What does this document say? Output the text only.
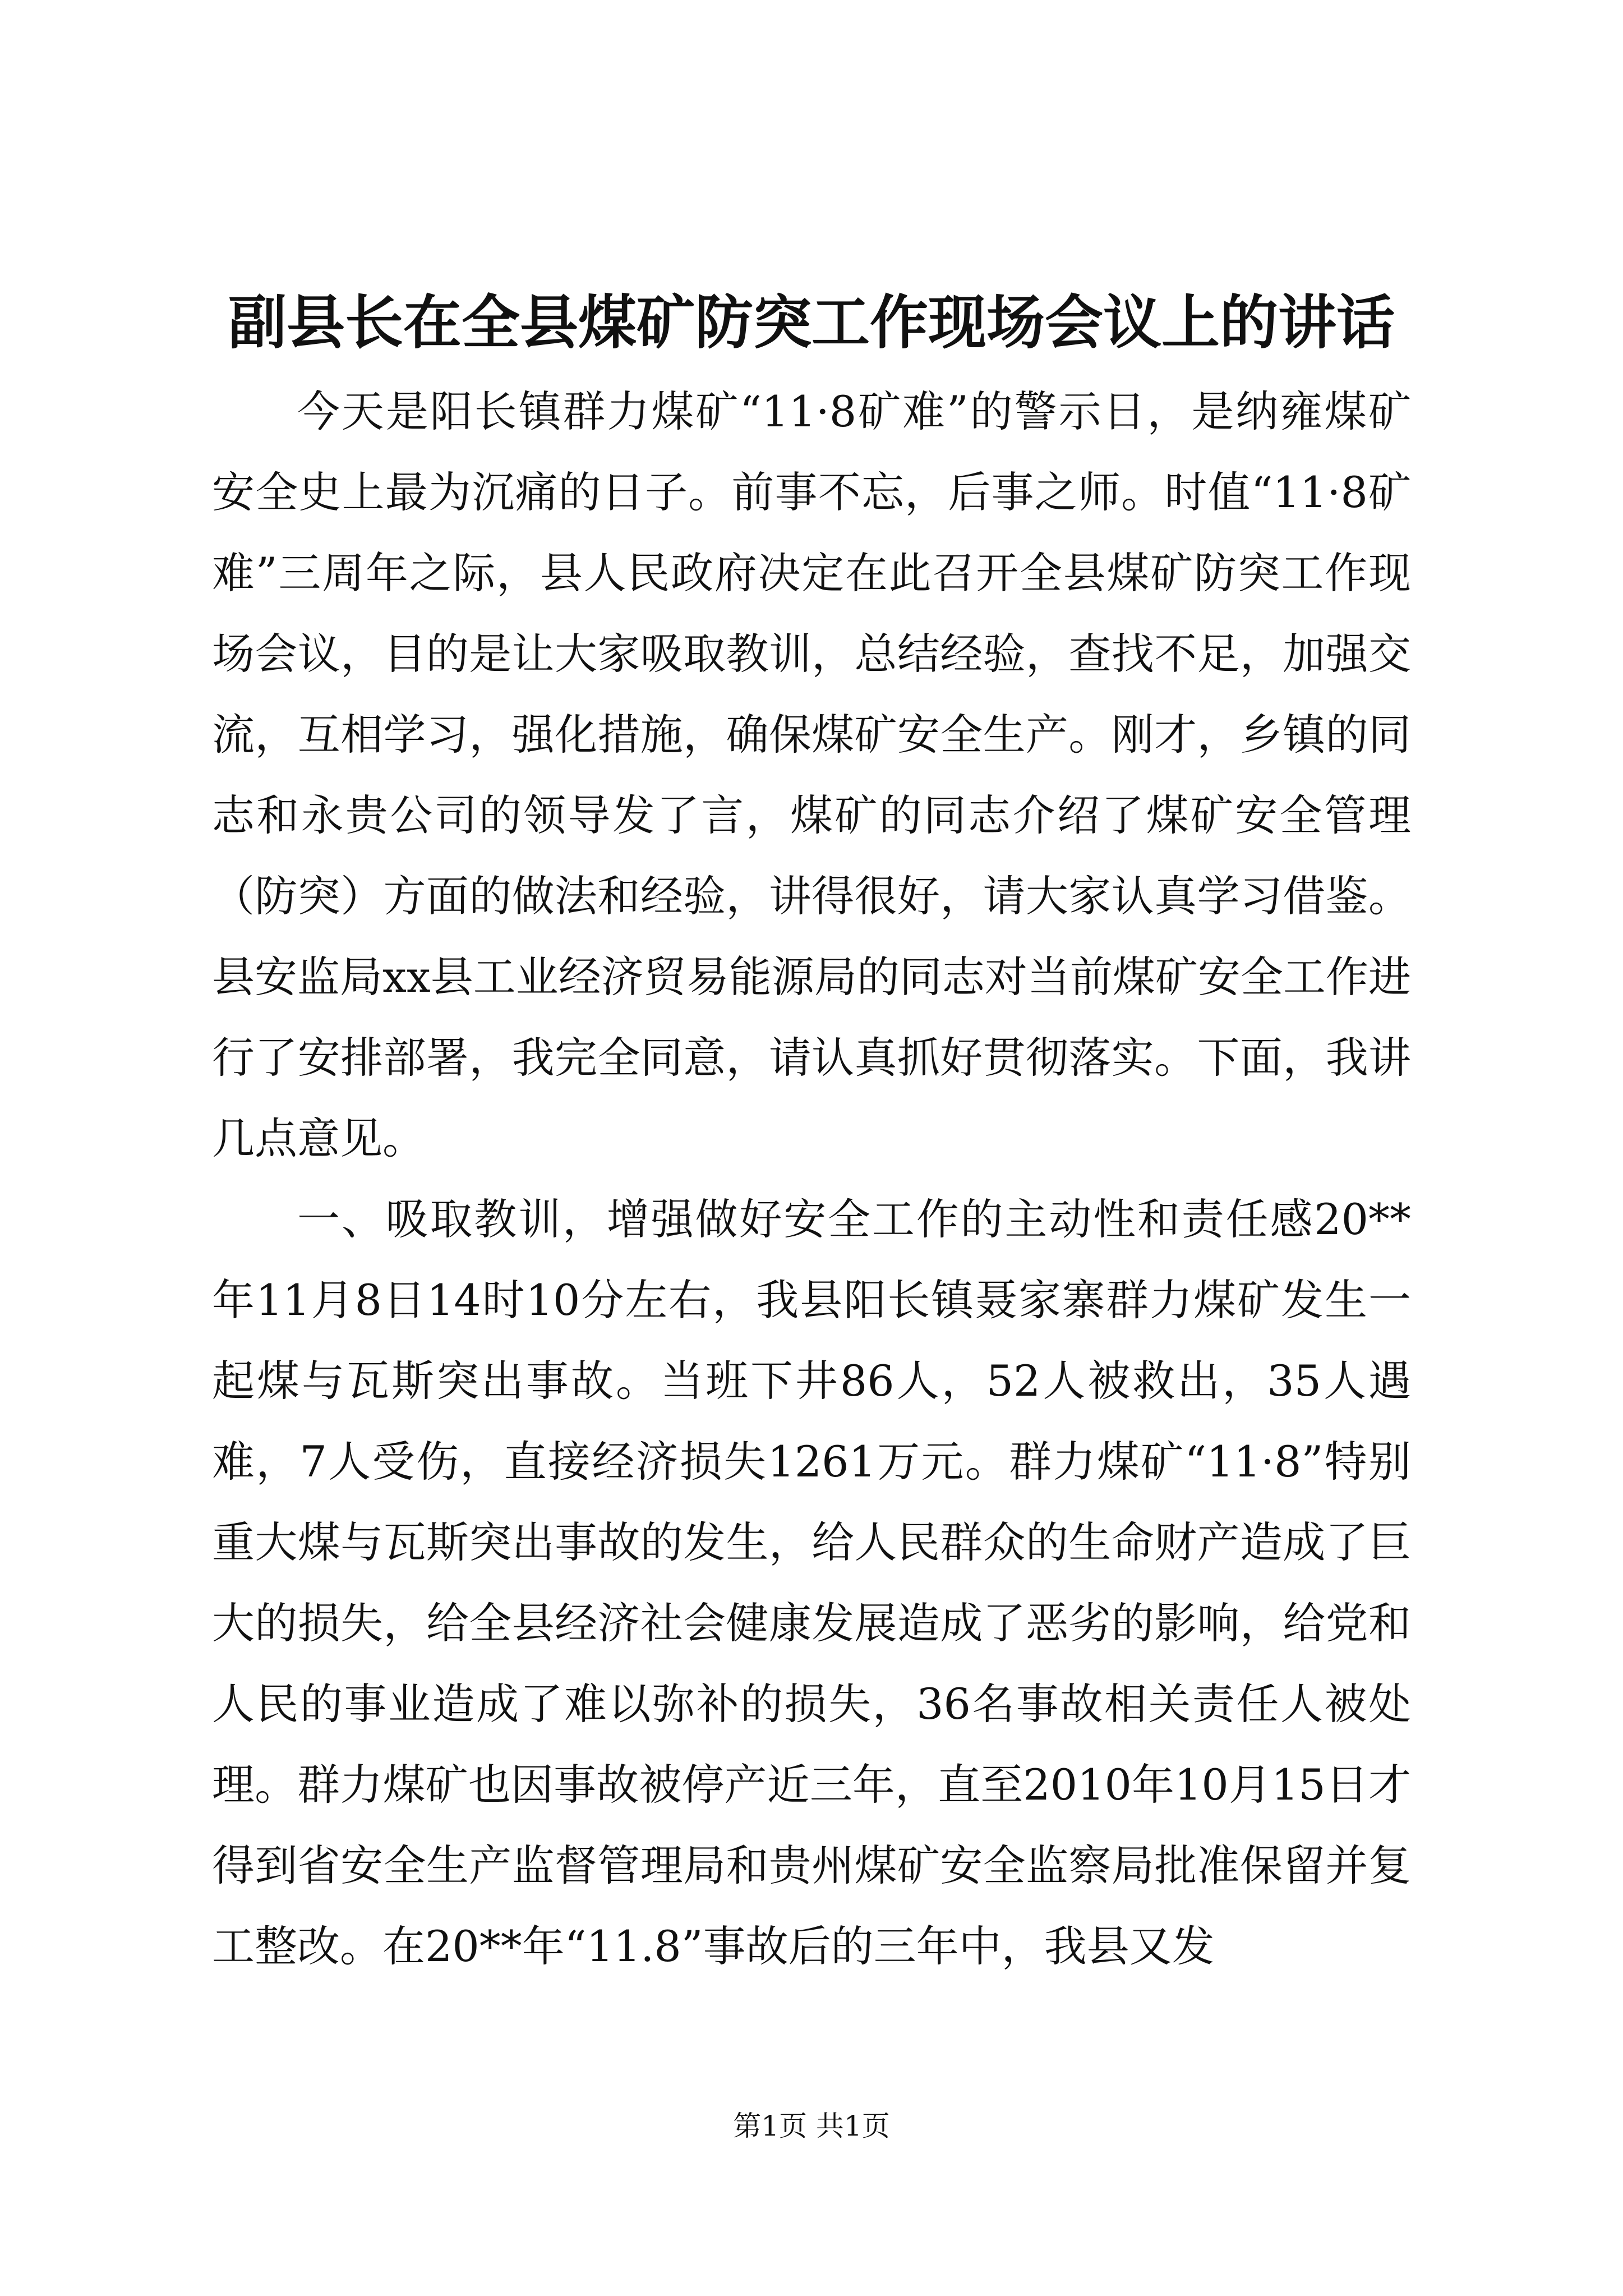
副县长在全县煤矿防突工作现场会议上的讲话

今天是阳长镇群力煤矿“11·8矿难”的警示日，是纳雍煤矿安全史上最为沉痛的日子。前事不忘，后事之师。时值“11·8矿难”三周年之际，县人民政府决定在此召开全县煤矿防突工作现场会议，目的是让大家吸取教训，总结经验，查找不足，加强交流，互相学习，强化措施，确保煤矿安全生产。刚才，乡镇的同志和永贵公司的领导发了言，煤矿的同志介绍了煤矿安全管理（防突）方面的做法和经验，讲得很好，请大家认真学习借鉴。县安监局xx县工业经济贸易能源局的同志对当前煤矿安全工作进行了安排部署，我完全同意，请认真抓好贯彻落实。下面，我讲几点意见。

一、吸取教训，增强做好安全工作的主动性和责任感20**年11月8日14时10分左右，我县阳长镇聂家寨群力煤矿发生一起煤与瓦斯突出事故。当班下井86人，52人被救出，35人遇难，7人受伤，直接经济损失1261万元。群力煤矿“11·8”特别重大煤与瓦斯突出事故的发生，给人民群众的生命财产造成了巨大的损失，给全县经济社会健康发展造成了恶劣的影响，给党和人民的事业造成了难以弥补的损失，36名事故相关责任人被处理。群力煤矿也因事故被停产近三年，直至2010年10月15日才得到省安全生产监督管理局和贵州煤矿安全监察局批准保留并复工整改。在20**年“11.8”事故后的三年中，我县又发

第1页 共1页
